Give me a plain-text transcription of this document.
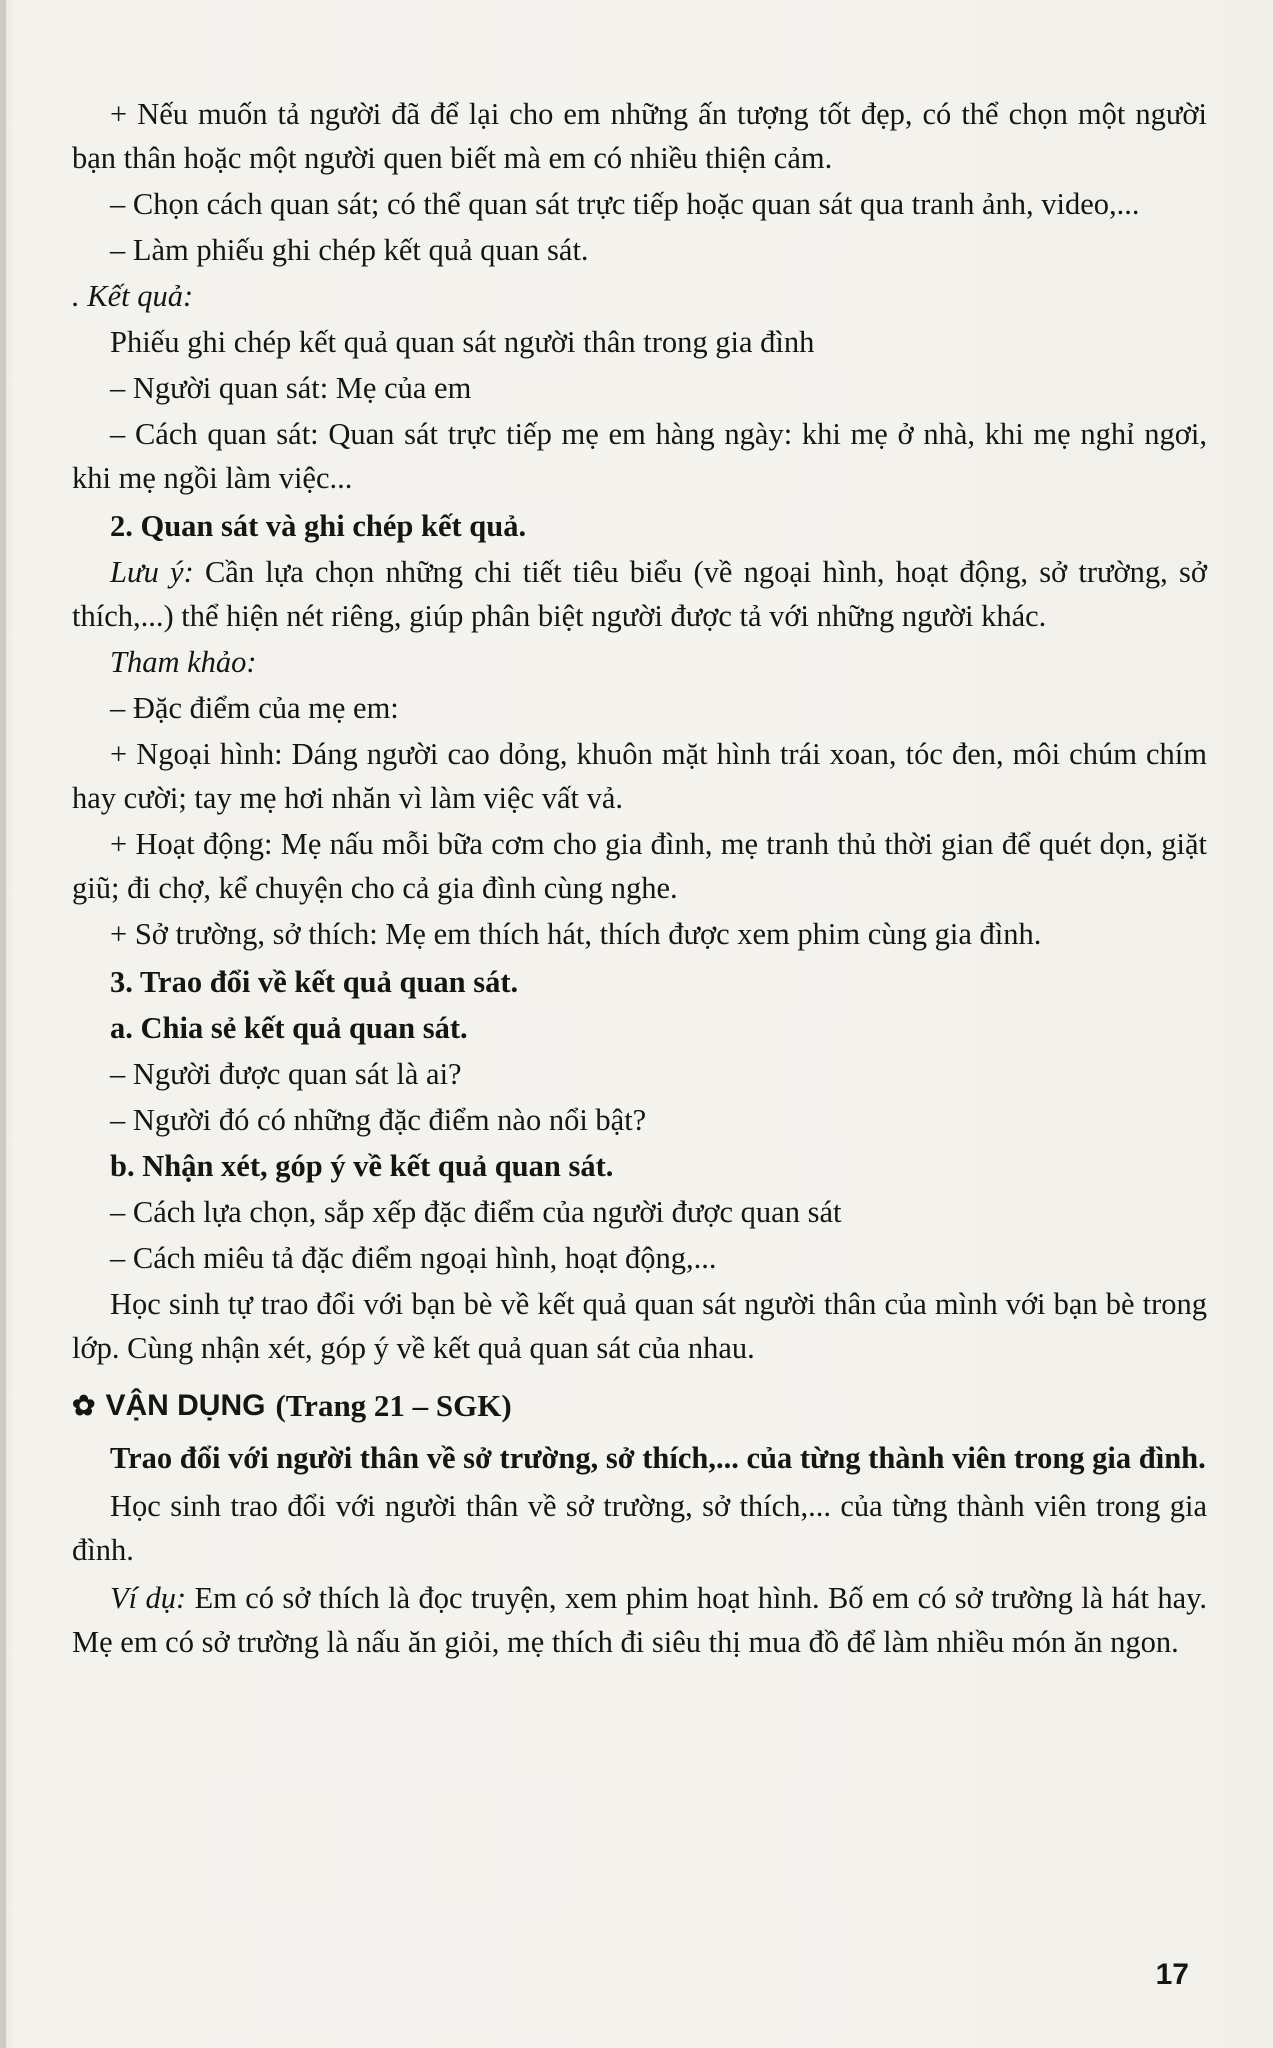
+ Nếu muốn tả người đã để lại cho em những ấn tượng tốt đẹp, có thể chọn một người bạn thân hoặc một người quen biết mà em có nhiều thiện cảm.

– Chọn cách quan sát; có thể quan sát trực tiếp hoặc quan sát qua tranh ảnh, video,...

– Làm phiếu ghi chép kết quả quan sát.

. Kết quả:

Phiếu ghi chép kết quả quan sát người thân trong gia đình

– Người quan sát: Mẹ của em

– Cách quan sát: Quan sát trực tiếp mẹ em hàng ngày: khi mẹ ở nhà, khi mẹ nghỉ ngơi, khi mẹ ngồi làm việc...

2. Quan sát và ghi chép kết quả.

Lưu ý: Cần lựa chọn những chi tiết tiêu biểu (về ngoại hình, hoạt động, sở trường, sở thích,...) thể hiện nét riêng, giúp phân biệt người được tả với những người khác.

Tham khảo:

– Đặc điểm của mẹ em:

+ Ngoại hình: Dáng người cao dỏng, khuôn mặt hình trái xoan, tóc đen, môi chúm chím hay cười; tay mẹ hơi nhăn vì làm việc vất vả.

+ Hoạt động: Mẹ nấu mỗi bữa cơm cho gia đình, mẹ tranh thủ thời gian để quét dọn, giặt giũ; đi chợ, kể chuyện cho cả gia đình cùng nghe.

+ Sở trường, sở thích: Mẹ em thích hát, thích được xem phim cùng gia đình.

3. Trao đổi về kết quả quan sát.

a. Chia sẻ kết quả quan sát.

– Người được quan sát là ai?

– Người đó có những đặc điểm nào nổi bật?

b. Nhận xét, góp ý về kết quả quan sát.

– Cách lựa chọn, sắp xếp đặc điểm của người được quan sát

– Cách miêu tả đặc điểm ngoại hình, hoạt động,...

Học sinh tự trao đổi với bạn bè về kết quả quan sát người thân của mình với bạn bè trong lớp. Cùng nhận xét, góp ý về kết quả quan sát của nhau.

✿ VẬN DỤNG (Trang 21 – SGK)

Trao đổi với người thân về sở trường, sở thích,... của từng thành viên trong gia đình.

Học sinh trao đổi với người thân về sở trường, sở thích,... của từng thành viên trong gia đình.

Ví dụ: Em có sở thích là đọc truyện, xem phim hoạt hình. Bố em có sở trường là hát hay. Mẹ em có sở trường là nấu ăn giỏi, mẹ thích đi siêu thị mua đồ để làm nhiều món ăn ngon.

17
